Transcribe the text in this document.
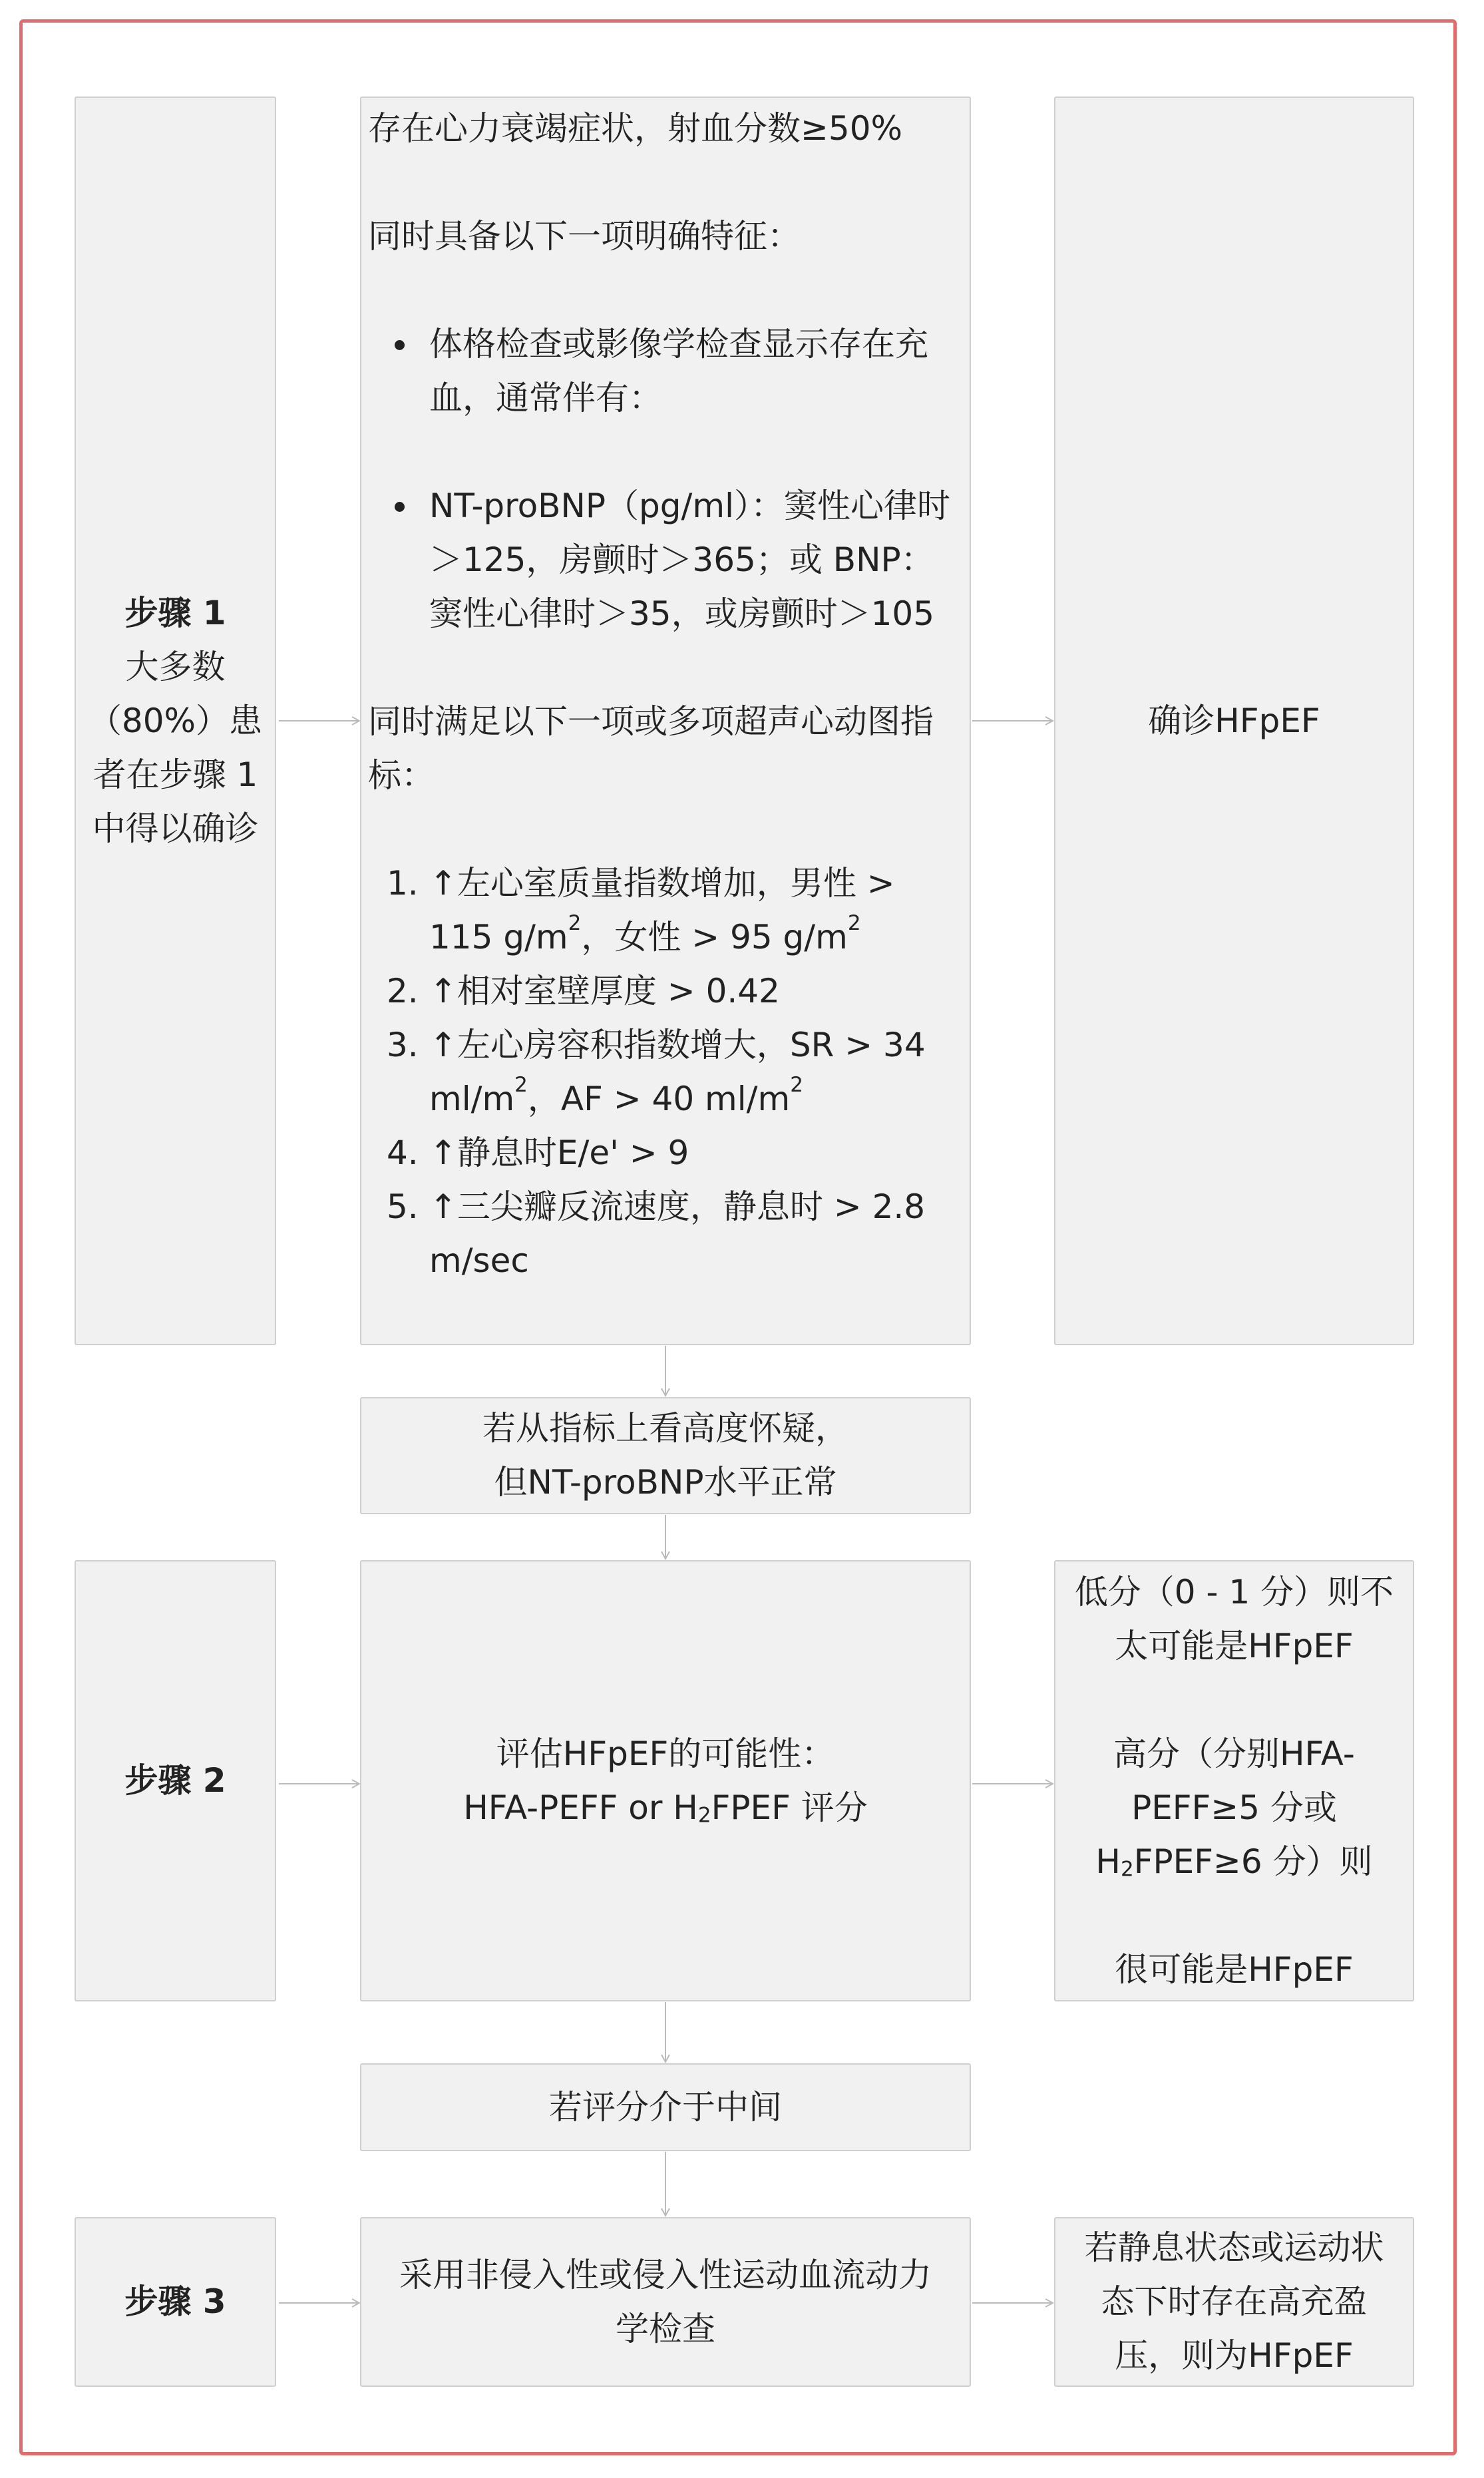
步骤 1
大多数
（80%）患
者在步骤 1
中得以确诊

存在心力衰竭症状，射血分数≥50%

同时具备以下一项明确特征：

体格检查或影像学检查显示存在充血，通常伴有：
NT-proBNP（pg/ml）：窦性心律时＞125，房颤时＞365；或 BNP：窦性心律时＞35，或房颤时＞105

同时满足以下一项或多项超声心动图指标：

1. ↑左心室质量指数增加，男性 > 115 $g/m^2$，女性 > 95 $g/m^2$
2. ↑相对室壁厚度 > 0.42
3. ↑左心房容积指数增大，SR > 34 $ml/m^2$，AF > 40 $ml/m^2$
4. ↑静息时E/e' > 9
5. ↑三尖瓣反流速度，静息时 > 2.8 m/sec
确诊HFpEF
若从指标上看高度怀疑，
但NT-proBNP水平正常
步骤 2
评估HFpEF的可能性：
HFA-PEFF or $H_2FPEF$ 评分
低分（0 - 1 分）则不
太可能是HFpEF
高分（分别HFA-
PEFF≥5 分或
$H_2FPEF\ge 6$ 分）则
很可能是HFpEF
若评分介于中间
步骤 3
采用非侵入性或侵入性运动血流动力
学检查
若静息状态或运动状
态下时存在高充盈
压，则为HFpEF
